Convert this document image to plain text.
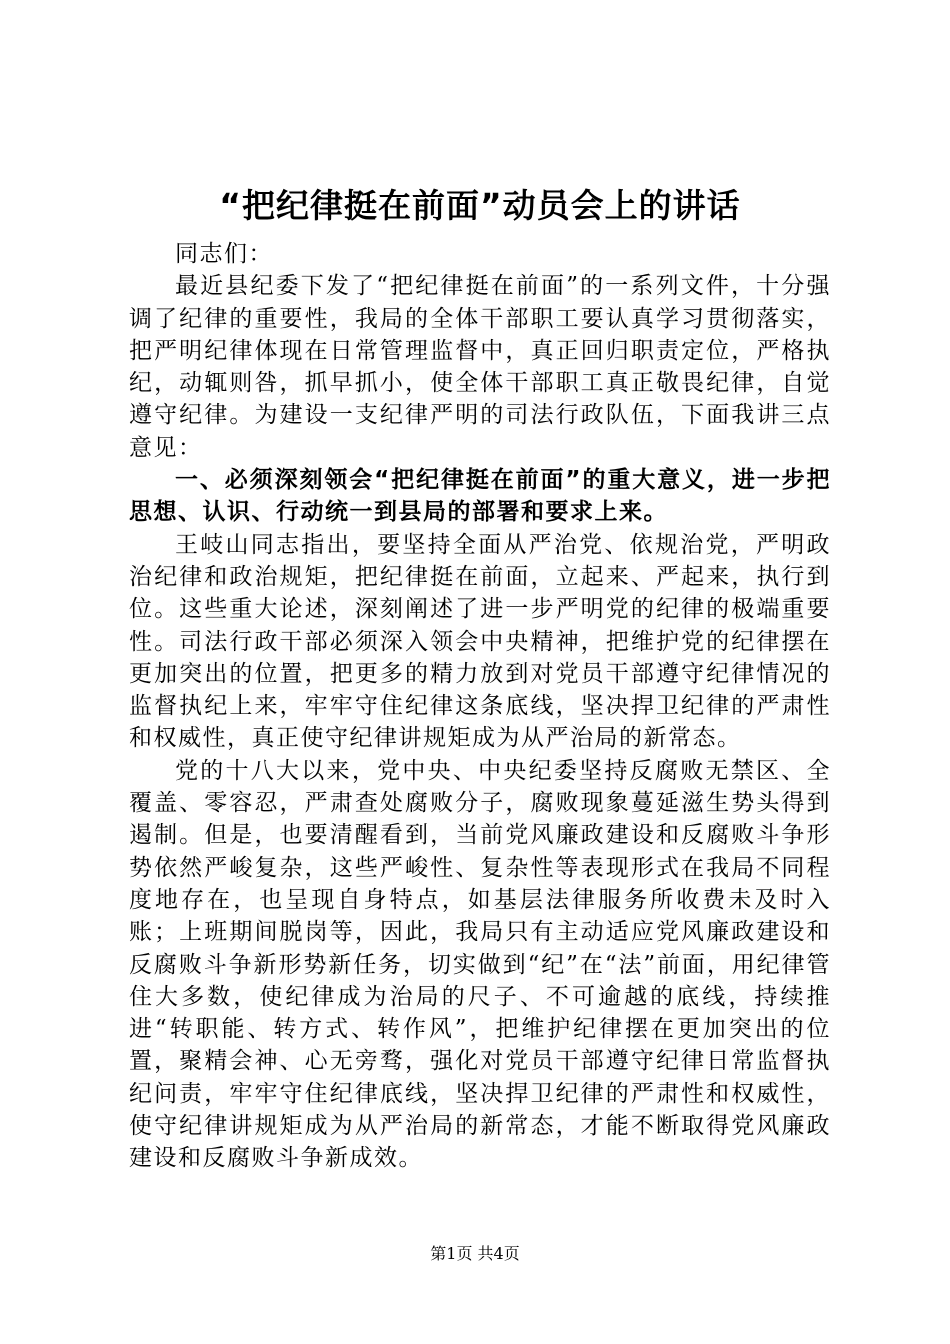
“把纪律挺在前面”动员会上的讲话

同志们：

最近县纪委下发了“把纪律挺在前面”的一系列文件，十分强调了纪律的重要性，我局的全体干部职工要认真学习贯彻落实，把严明纪律体现在日常管理监督中，真正回归职责定位，严格执纪，动辄则咎，抓早抓小，使全体干部职工真正敬畏纪律，自觉遵守纪律。为建设一支纪律严明的司法行政队伍，下面我讲三点意见：

一、必须深刻领会“把纪律挺在前面”的重大意义，进一步把思想、认识、行动统一到县局的部署和要求上来。

王岐山同志指出，要坚持全面从严治党、依规治党，严明政治纪律和政治规矩，把纪律挺在前面，立起来、严起来，执行到位。这些重大论述，深刻阐述了进一步严明党的纪律的极端重要性。司法行政干部必须深入领会中央精神，把维护党的纪律摆在更加突出的位置，把更多的精力放到对党员干部遵守纪律情况的监督执纪上来，牢牢守住纪律这条底线，坚决捍卫纪律的严肃性和权威性，真正使守纪律讲规矩成为从严治局的新常态。

党的十八大以来，党中央、中央纪委坚持反腐败无禁区、全覆盖、零容忍，严肃查处腐败分子，腐败现象蔓延滋生势头得到遏制。但是，也要清醒看到，当前党风廉政建设和反腐败斗争形势依然严峻复杂，这些严峻性、复杂性等表现形式在我局不同程度地存在，也呈现自身特点，如基层法律服务所收费未及时入账；上班期间脱岗等，因此，我局只有主动适应党风廉政建设和反腐败斗争新形势新任务，切实做到“纪”在“法”前面，用纪律管住大多数，使纪律成为治局的尺子、不可逾越的底线，持续推进“转职能、转方式、转作风”，把维护纪律摆在更加突出的位置，聚精会神、心无旁骛，强化对党员干部遵守纪律日常监督执纪问责，牢牢守住纪律底线，坚决捍卫纪律的严肃性和权威性，使守纪律讲规矩成为从严治局的新常态，才能不断取得党风廉政建设和反腐败斗争新成效。

第1页 共4页
